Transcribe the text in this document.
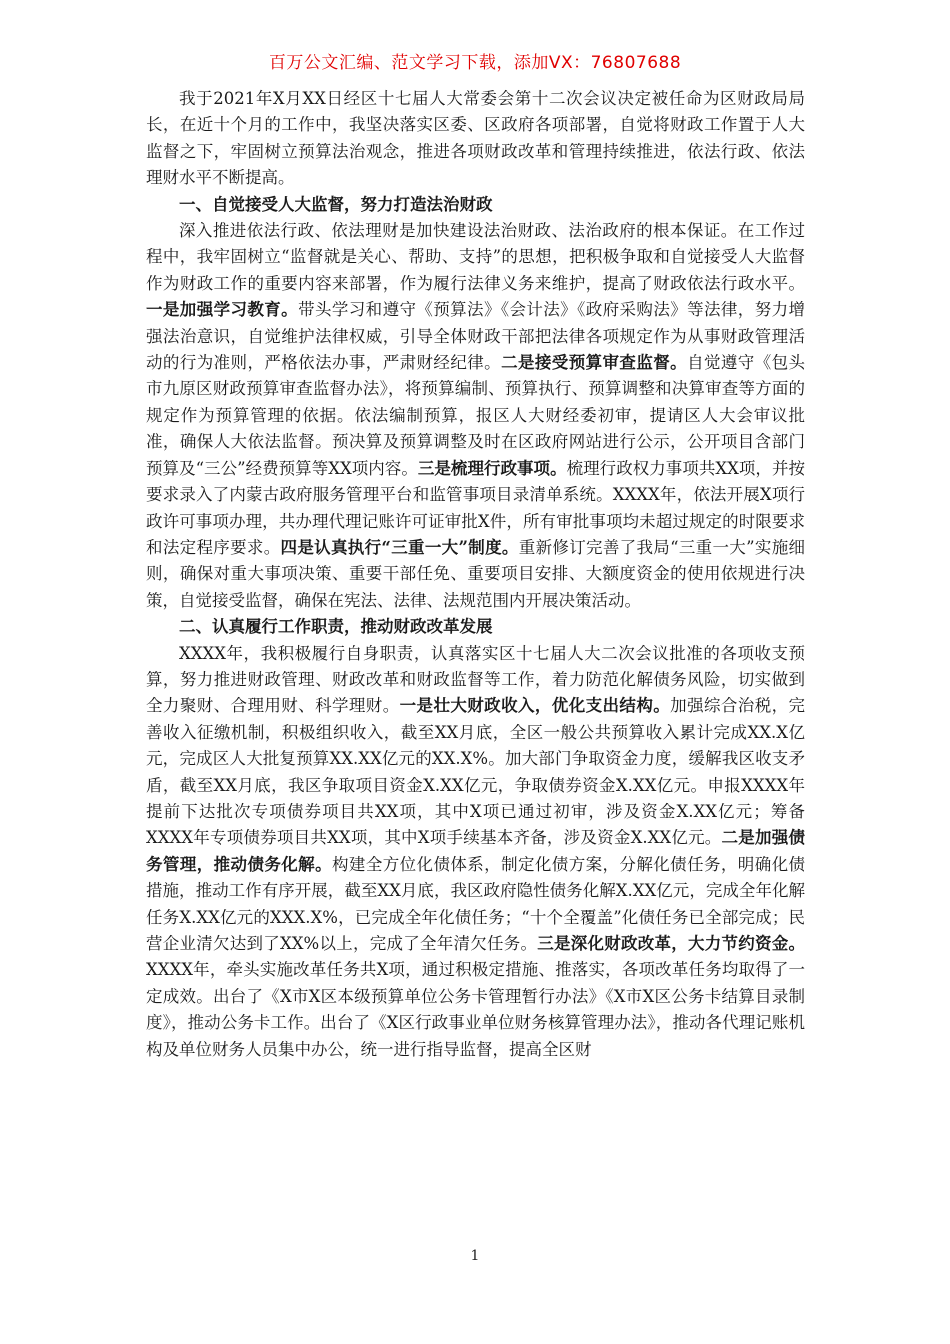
百万公文汇编、范文学习下载，添加VX：76807688

我于2021年X月XX日经区十七届人大常委会第十二次会议决定被任命为区财政局局长，在近十个月的工作中，我坚决落实区委、区政府各项部署，自觉将财政工作置于人大监督之下，牢固树立预算法治观念，推进各项财政改革和管理持续推进，依法行政、依法理财水平不断提高。

一、自觉接受人大监督，努力打造法治财政

深入推进依法行政、依法理财是加快建设法治财政、法治政府的根本保证。在工作过程中，我牢固树立“监督就是关心、帮助、支持”的思想，把积极争取和自觉接受人大监督作为财政工作的重要内容来部署，作为履行法律义务来维护，提高了财政依法行政水平。一是加强学习教育。带头学习和遵守《预算法》《会计法》《政府采购法》等法律，努力增强法治意识，自觉维护法律权威，引导全体财政干部把法律各项规定作为从事财政管理活动的行为准则，严格依法办事，严肃财经纪律。二是接受预算审查监督。自觉遵守《包头市九原区财政预算审查监督办法》，将预算编制、预算执行、预算调整和决算审查等方面的规定作为预算管理的依据。依法编制预算，报区人大财经委初审，提请区人大会审议批准，确保人大依法监督。预决算及预算调整及时在区政府网站进行公示，公开项目含部门预算及“三公”经费预算等XX项内容。三是梳理行政事项。梳理行政权力事项共XX项，并按要求录入了内蒙古政府服务管理平台和监管事项目录清单系统。XXXX年，依法开展X项行政许可事项办理，共办理代理记账许可证审批X件，所有审批事项均未超过规定的时限要求和法定程序要求。四是认真执行“三重一大”制度。重新修订完善了我局“三重一大”实施细则，确保对重大事项决策、重要干部任免、重要项目安排、大额度资金的使用依规进行决策，自觉接受监督，确保在宪法、法律、法规范围内开展决策活动。

二、认真履行工作职责，推动财政改革发展

XXXX年，我积极履行自身职责，认真落实区十七届人大二次会议批准的各项收支预算，努力推进财政管理、财政改革和财政监督等工作，着力防范化解债务风险，切实做到全力聚财、合理用财、科学理财。一是壮大财政收入，优化支出结构。加强综合治税，完善收入征缴机制，积极组织收入，截至XX月底，全区一般公共预算收入累计完成XX.X亿元，完成区人大批复预算XX.XX亿元的XX.X%。加大部门争取资金力度，缓解我区收支矛盾，截至XX月底，我区争取项目资金X.XX亿元，争取债券资金X.XX亿元。申报XXXX年提前下达批次专项债券项目共XX项，其中X项已通过初审，涉及资金X.XX亿元；筹备XXXX年专项债券项目共XX项，其中X项手续基本齐备，涉及资金X.XX亿元。二是加强债务管理，推动债务化解。构建全方位化债体系，制定化债方案，分解化债任务，明确化债措施，推动工作有序开展，截至XX月底，我区政府隐性债务化解X.XX亿元，完成全年化解任务X.XX亿元的XXX.X%，已完成全年化债任务；“十个全覆盖”化债任务已全部完成；民营企业清欠达到了XX%以上，完成了全年清欠任务。三是深化财政改革，大力节约资金。XXXX年，牵头实施改革任务共X项，通过积极定措施、推落实，各项改革任务均取得了一定成效。出台了《X市X区本级预算单位公务卡管理暂行办法》《X市X区公务卡结算目录制度》，推动公务卡工作。出台了《X区行政事业单位财务核算管理办法》，推动各代理记账机构及单位财务人员集中办公，统一进行指导监督，提高全区财

1
